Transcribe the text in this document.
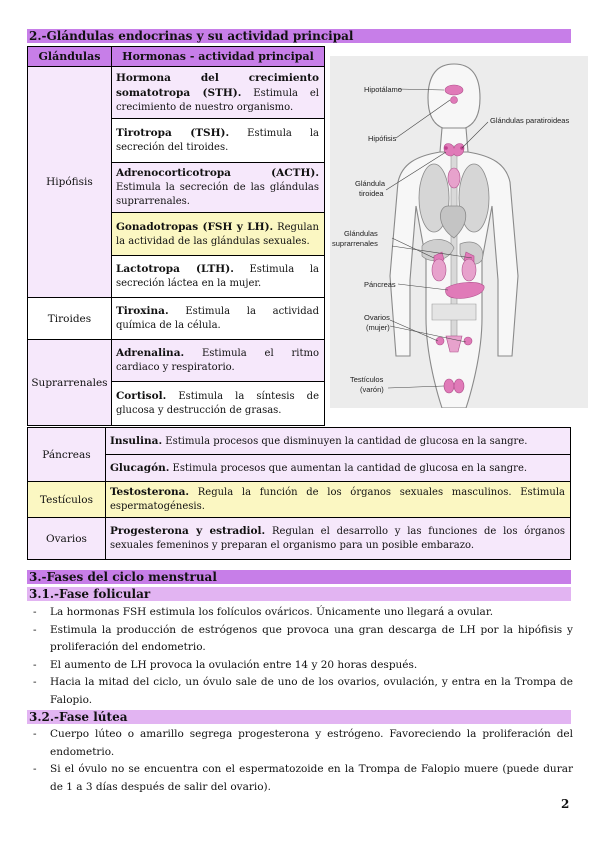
2.-Glándulas endocrinas y su actividad principal
Glándulas	Hormonas - actividad principal
Hipófisis	Hormona del crecimiento somatotropa (STH). Estimula el crecimiento de nuestro organismo.
	Tirotropa (TSH). Estimula la secreción del tiroides.
	Adrenocorticotropa (ACTH). Estimula la secreción de las glándulas suprarrenales.
	Gonadotropas (FSH y LH). Regulan la actividad de las glándulas sexuales.
	Lactotropa (LTH). Estimula la secreción láctea en la mujer.
Tiroides	Tiroxina. Estimula la actividad química de la célula.
Suprarrenales	Adrenalina. Estimula el ritmo cardiaco y respiratorio.
	Cortisol. Estimula la síntesis de glucosa y destrucción de grasas.
Hipotálamo
Glándulas paratiroideas
Hipófisis
Glándula
tiroidea
Glándulas
suprarrenales
Páncreas
Ovarios
(mujer)
Testículos
(varón)
Páncreas	Insulina. Estimula procesos que disminuyen la cantidad de glucosa en la sangre.
	Glucagón. Estimula procesos que aumentan la cantidad de glucosa en la sangre.
Testículos	Testosterona. Regula la función de los órganos sexuales masculinos. Estimula espermatogénesis.
Ovarios	Progesterona y estradiol. Regulan el desarrollo y las funciones de los órganos sexuales femeninos y preparan el organismo para un posible embarazo.
3.-Fases del ciclo menstrual
3.1.-Fase folicular
- La hormonas FSH estimula los folículos ováricos. Únicamente uno llegará a ovular.
- Estimula la producción de estrógenos que provoca una gran descarga de LH por la hipófisis y proliferación del endometrio.
- El aumento de LH provoca la ovulación entre 14 y 20 horas después.
- Hacia la mitad del ciclo, un óvulo sale de uno de los ovarios, ovulación, y entra en la Trompa de Falopio.
3.2.-Fase lútea
- Cuerpo lúteo o amarillo segrega progesterona y estrógeno. Favoreciendo la proliferación del endometrio.
- Si el óvulo no se encuentra con el espermatozoide en la Trompa de Falopio muere (puede durar de 1 a 3 días después de salir del ovario).
2
